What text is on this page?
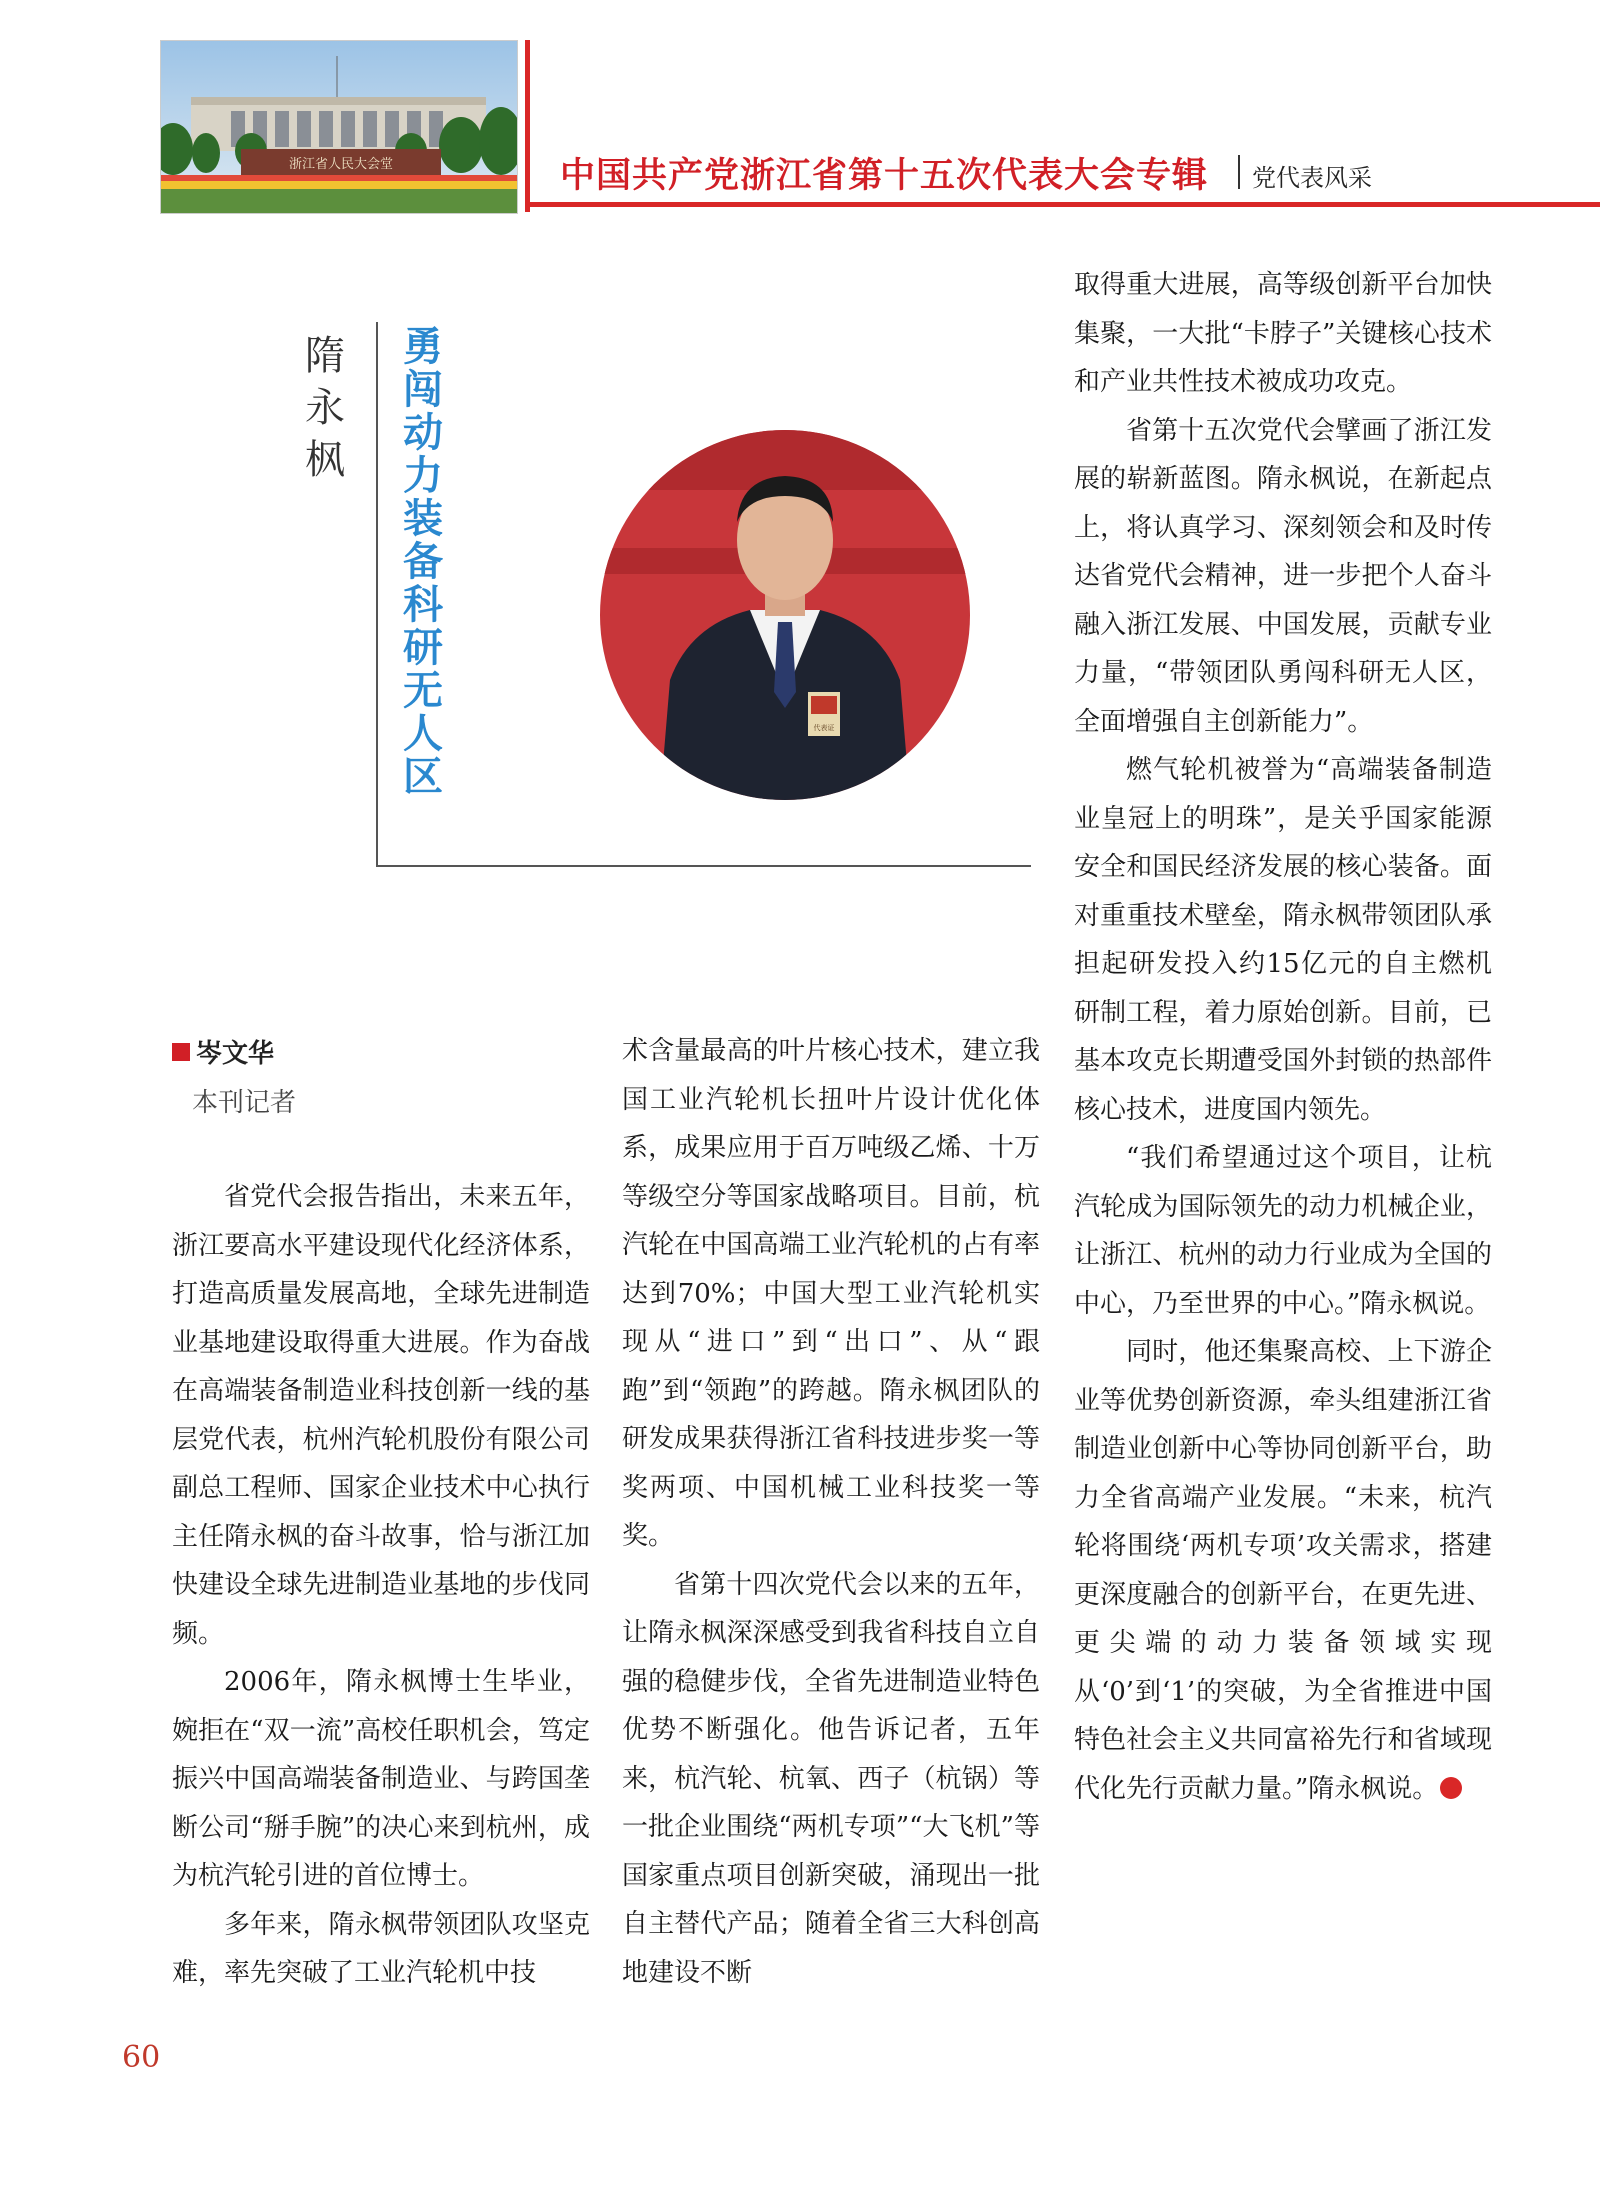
浙江省人民大会堂	中国共产党浙江省第十五次代表大会专辑 党代表风采
隋永枫
勇闯动力装备科研无人区
代表证
岑文华
本刊记者

省党代会报告指出，未来五年，浙江要高水平建设现代化经济体系，打造高质量发展高地，全球先进制造业基地建设取得重大进展。作为奋战在高端装备制造业科技创新一线的基层党代表，杭州汽轮机股份有限公司副总工程师、国家企业技术中心执行主任隋永枫的奋斗故事，恰与浙江加快建设全球先进制造业基地的步伐同频。

2006年，隋永枫博士生毕业，婉拒在“双一流”高校任职机会，笃定振兴中国高端装备制造业、与跨国垄断公司“掰手腕”的决心来到杭州，成为杭汽轮引进的首位博士。

多年来，隋永枫带领团队攻坚克难，率先突破了工业汽轮机中技

术含量最高的叶片核心技术，建立我国工业汽轮机长扭叶片设计优化体系，成果应用于百万吨级乙烯、十万等级空分等国家战略项目。目前，杭汽轮在中国高端工业汽轮机的占有率达到70%；中国大型工业汽轮机实现从“进口”到“出口”、从“跟跑”到“领跑”的跨越。隋永枫团队的研发成果获得浙江省科技进步奖一等奖两项、中国机械工业科技奖一等奖。

省第十四次党代会以来的五年，让隋永枫深深感受到我省科技自立自强的稳健步伐，全省先进制造业特色优势不断强化。他告诉记者，五年来，杭汽轮、杭氧、西子（杭锅）等一批企业围绕“两机专项”“大飞机”等国家重点项目创新突破，涌现出一批自主替代产品；随着全省三大科创高地建设不断

取得重大进展，高等级创新平台加快集聚，一大批“卡脖子”关键核心技术和产业共性技术被成功攻克。

省第十五次党代会擘画了浙江发展的崭新蓝图。隋永枫说，在新起点上，将认真学习、深刻领会和及时传达省党代会精神，进一步把个人奋斗融入浙江发展、中国发展，贡献专业力量，“带领团队勇闯科研无人区，全面增强自主创新能力”。

燃气轮机被誉为“高端装备制造业皇冠上的明珠”，是关乎国家能源安全和国民经济发展的核心装备。面对重重技术壁垒，隋永枫带领团队承担起研发投入约15亿元的自主燃机研制工程，着力原始创新。目前，已基本攻克长期遭受国外封锁的热部件核心技术，进度国内领先。

“我们希望通过这个项目，让杭汽轮成为国际领先的动力机械企业，让浙江、杭州的动力行业成为全国的中心，乃至世界的中心。”隋永枫说。

同时，他还集聚高校、上下游企业等优势创新资源，牵头组建浙江省制造业创新中心等协同创新平台，助力全省高端产业发展。“未来，杭汽轮将围绕‘两机专项’攻关需求，搭建更深度融合的创新平台，在更先进、更尖端的动力装备领域实现从‘0’到‘1’的突破，为全省推进中国特色社会主义共同富裕先行和省域现代化先行贡献力量。”隋永枫说。

60
